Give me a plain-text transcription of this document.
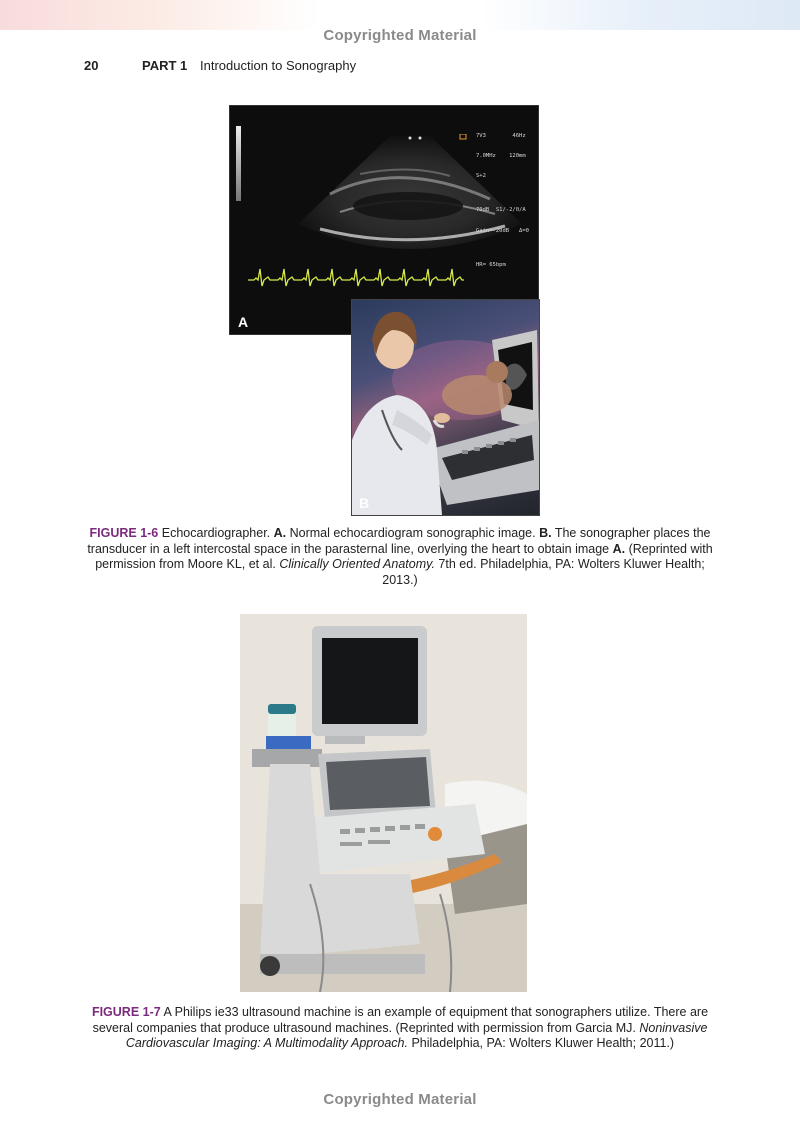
Copyrighted Material
20	PART 1 Introduction to Sonography

7V3        46Hz

7.0MHz    120mm

S+2

70dB  S1/-2/0/A

Gain=-20dB   Δ=0

HR= 65bpm

A
B
FIGURE 1-6 Echocardiographer. A. Normal echocardiogram sonographic image. B. The sonographer places the transducer in a left intercostal space in the parasternal line, overlying the heart to obtain image A. (Reprinted with permission from Moore KL, et al. Clinically Oriented Anatomy. 7th ed. Philadelphia, PA: Wolters Kluwer Health; 2013.)
FIGURE 1-7 A Philips ie33 ultrasound machine is an example of equipment that sonographers utilize. There are several companies that produce ultrasound machines. (Reprinted with permission from Garcia MJ. Noninvasive Cardiovascular Imaging: A Multimodality Approach. Philadelphia, PA: Wolters Kluwer Health; 2011.)
Copyrighted Material
